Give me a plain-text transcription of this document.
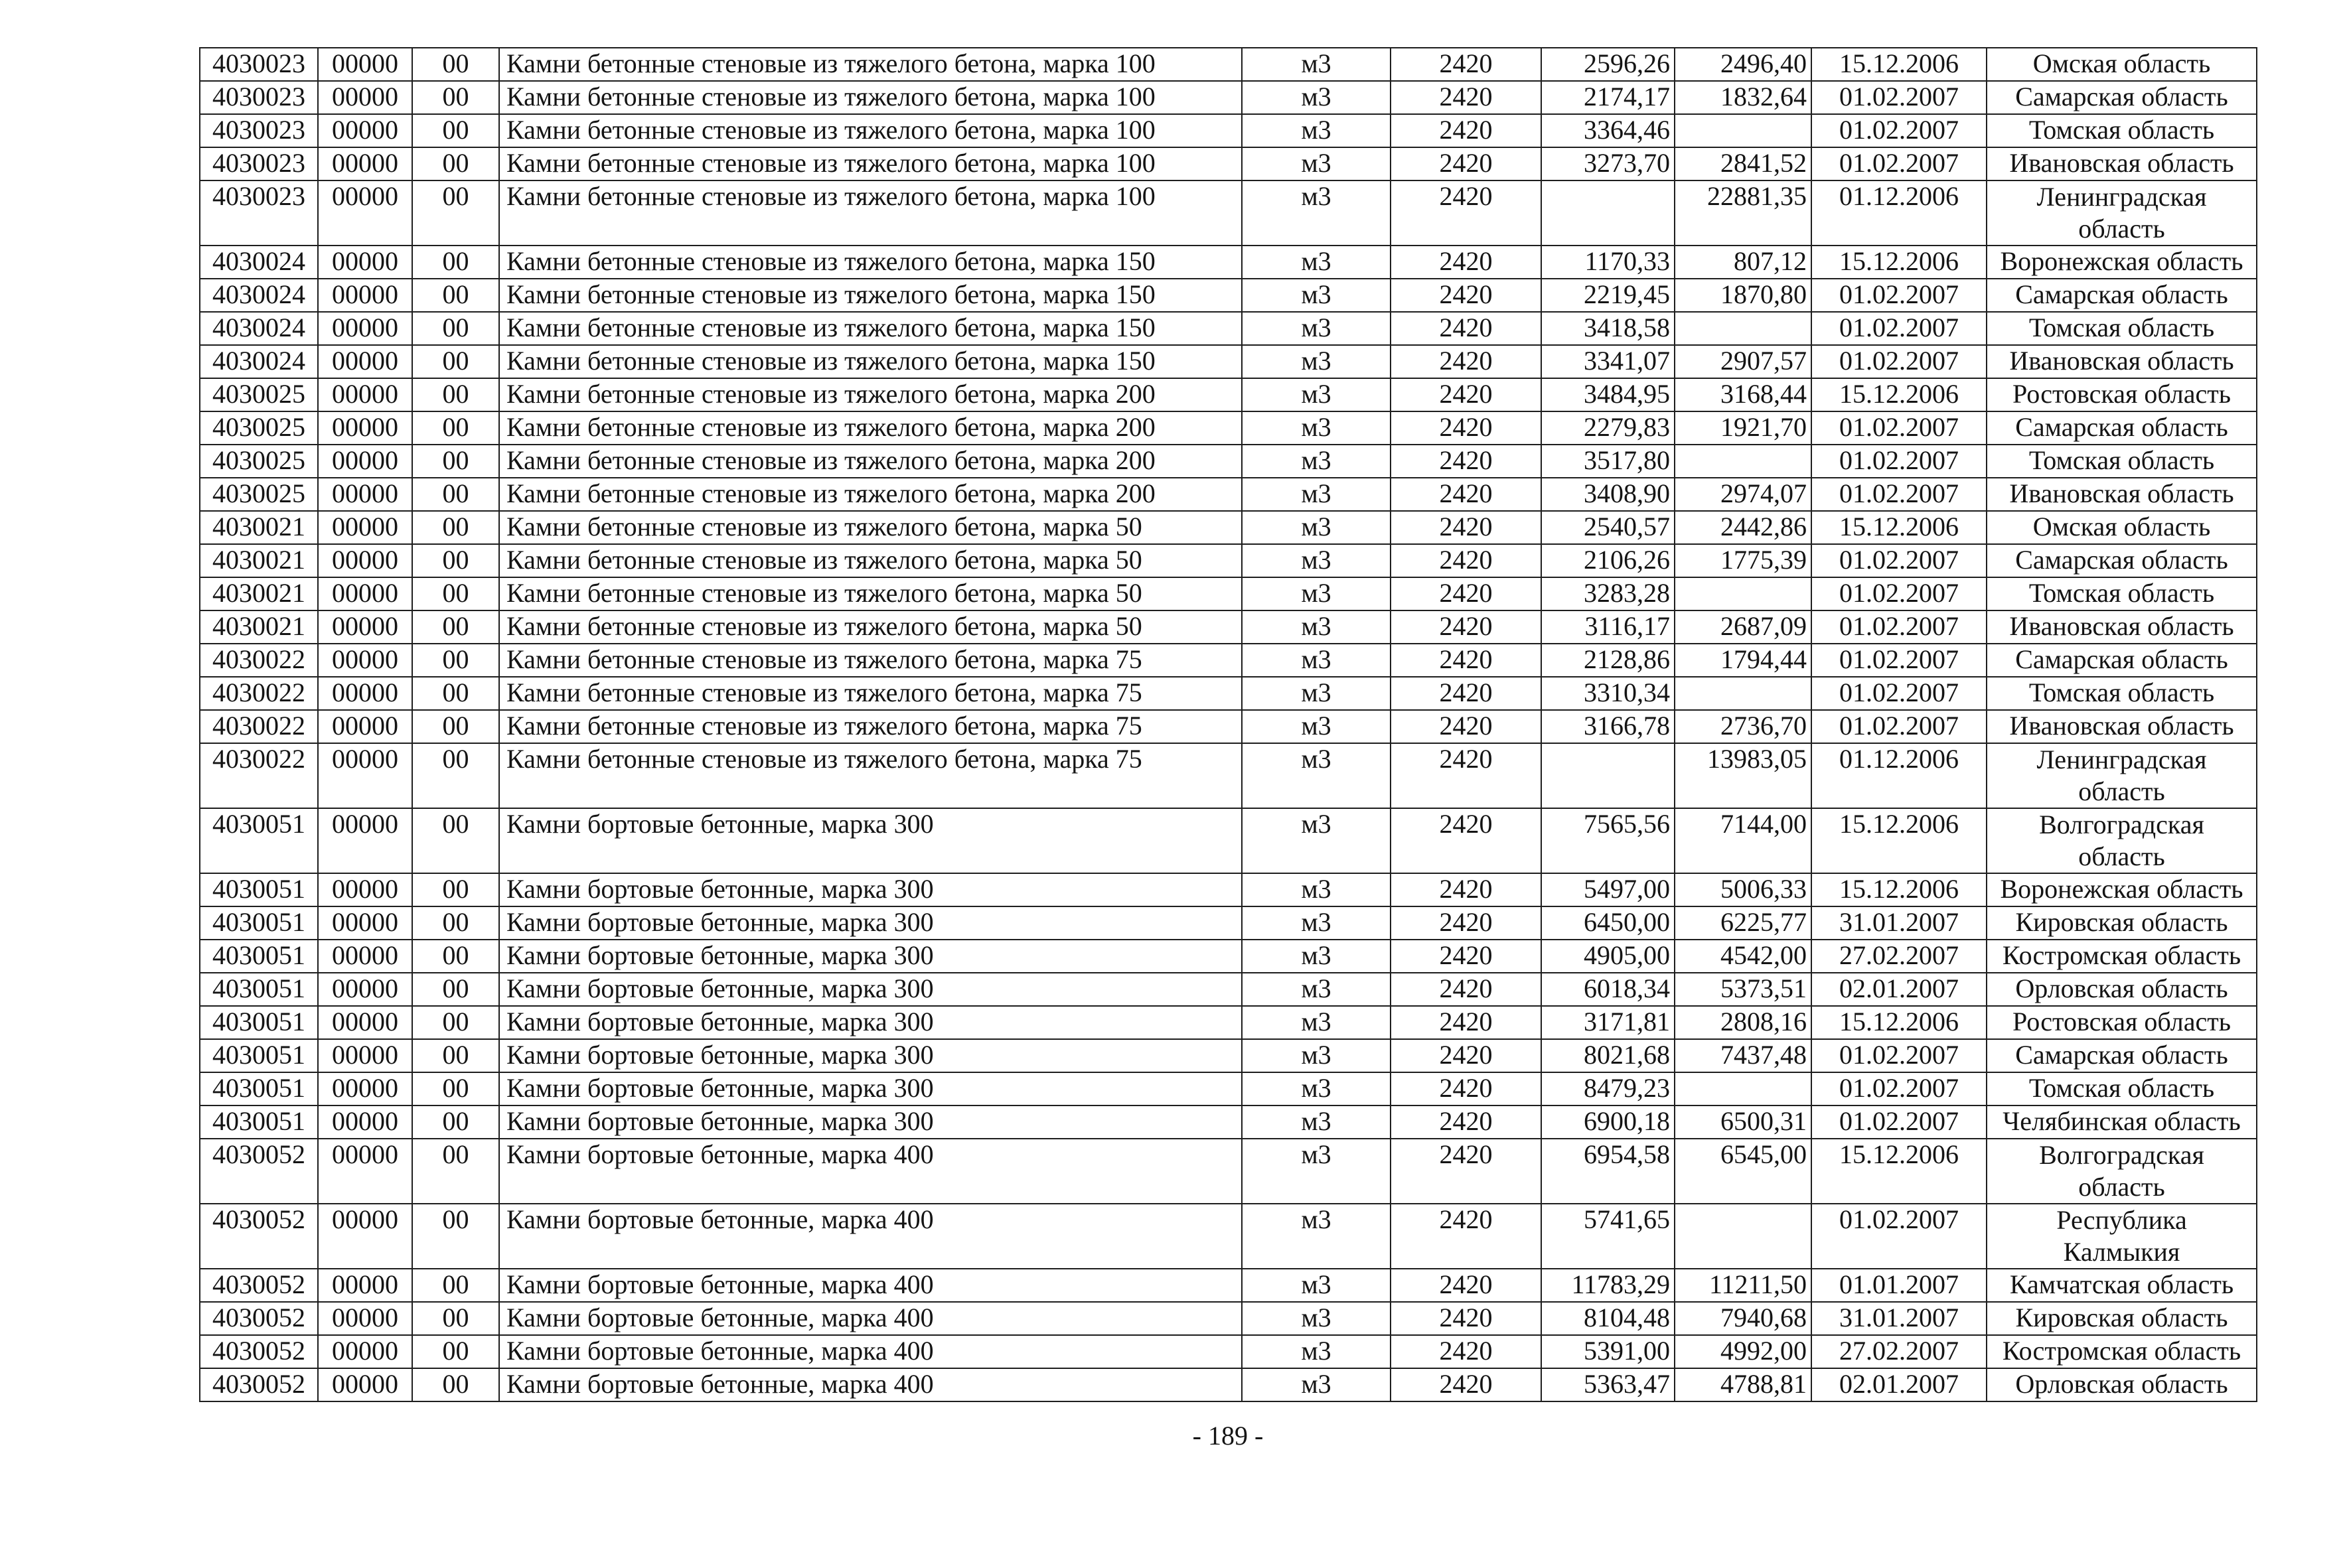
4030023	00000	00	Камни бетонные стеновые из тяжелого бетона, марка 100	м3	2420	2596,26	2496,40	15.12.2006	Омская область
4030023	00000	00	Камни бетонные стеновые из тяжелого бетона, марка 100	м3	2420	2174,17	1832,64	01.02.2007	Самарская область
4030023	00000	00	Камни бетонные стеновые из тяжелого бетона, марка 100	м3	2420	3364,46		01.02.2007	Томская область
4030023	00000	00	Камни бетонные стеновые из тяжелого бетона, марка 100	м3	2420	3273,70	2841,52	01.02.2007	Ивановская область
4030023	00000	00	Камни бетонные стеновые из тяжелого бетона, марка 100	м3	2420		22881,35	01.12.2006	Ленинградская область

4030024	00000	00	Камни бетонные стеновые из тяжелого бетона, марка 150	м3	2420	1170,33	807,12	15.12.2006	Воронежская область
4030024	00000	00	Камни бетонные стеновые из тяжелого бетона, марка 150	м3	2420	2219,45	1870,80	01.02.2007	Самарская область
4030024	00000	00	Камни бетонные стеновые из тяжелого бетона, марка 150	м3	2420	3418,58		01.02.2007	Томская область
4030024	00000	00	Камни бетонные стеновые из тяжелого бетона, марка 150	м3	2420	3341,07	2907,57	01.02.2007	Ивановская область
4030025	00000	00	Камни бетонные стеновые из тяжелого бетона, марка 200	м3	2420	3484,95	3168,44	15.12.2006	Ростовская область
4030025	00000	00	Камни бетонные стеновые из тяжелого бетона, марка 200	м3	2420	2279,83	1921,70	01.02.2007	Самарская область
4030025	00000	00	Камни бетонные стеновые из тяжелого бетона, марка 200	м3	2420	3517,80		01.02.2007	Томская область
4030025	00000	00	Камни бетонные стеновые из тяжелого бетона, марка 200	м3	2420	3408,90	2974,07	01.02.2007	Ивановская область
4030021	00000	00	Камни бетонные стеновые из тяжелого бетона, марка 50	м3	2420	2540,57	2442,86	15.12.2006	Омская область
4030021	00000	00	Камни бетонные стеновые из тяжелого бетона, марка 50	м3	2420	2106,26	1775,39	01.02.2007	Самарская область
4030021	00000	00	Камни бетонные стеновые из тяжелого бетона, марка 50	м3	2420	3283,28		01.02.2007	Томская область
4030021	00000	00	Камни бетонные стеновые из тяжелого бетона, марка 50	м3	2420	3116,17	2687,09	01.02.2007	Ивановская область
4030022	00000	00	Камни бетонные стеновые из тяжелого бетона, марка 75	м3	2420	2128,86	1794,44	01.02.2007	Самарская область
4030022	00000	00	Камни бетонные стеновые из тяжелого бетона, марка 75	м3	2420	3310,34		01.02.2007	Томская область
4030022	00000	00	Камни бетонные стеновые из тяжелого бетона, марка 75	м3	2420	3166,78	2736,70	01.02.2007	Ивановская область
4030022	00000	00	Камни бетонные стеновые из тяжелого бетона, марка 75	м3	2420		13983,05	01.12.2006	Ленинградская область

4030051	00000	00	Камни бортовые бетонные, марка 300	м3	2420	7565,56	7144,00	15.12.2006	Волгоградская область

4030051	00000	00	Камни бортовые бетонные, марка 300	м3	2420	5497,00	5006,33	15.12.2006	Воронежская область
4030051	00000	00	Камни бортовые бетонные, марка 300	м3	2420	6450,00	6225,77	31.01.2007	Кировская область
4030051	00000	00	Камни бортовые бетонные, марка 300	м3	2420	4905,00	4542,00	27.02.2007	Костромская область
4030051	00000	00	Камни бортовые бетонные, марка 300	м3	2420	6018,34	5373,51	02.01.2007	Орловская область
4030051	00000	00	Камни бортовые бетонные, марка 300	м3	2420	3171,81	2808,16	15.12.2006	Ростовская область
4030051	00000	00	Камни бортовые бетонные, марка 300	м3	2420	8021,68	7437,48	01.02.2007	Самарская область
4030051	00000	00	Камни бортовые бетонные, марка 300	м3	2420	8479,23		01.02.2007	Томская область
4030051	00000	00	Камни бортовые бетонные, марка 300	м3	2420	6900,18	6500,31	01.02.2007	Челябинская область
4030052	00000	00	Камни бортовые бетонные, марка 400	м3	2420	6954,58	6545,00	15.12.2006	Волгоградская область

4030052	00000	00	Камни бортовые бетонные, марка 400	м3	2420	5741,65		01.02.2007	Республика Калмыкия

4030052	00000	00	Камни бортовые бетонные, марка 400	м3	2420	11783,29	11211,50	01.01.2007	Камчатская область
4030052	00000	00	Камни бортовые бетонные, марка 400	м3	2420	8104,48	7940,68	31.01.2007	Кировская область
4030052	00000	00	Камни бортовые бетонные, марка 400	м3	2420	5391,00	4992,00	27.02.2007	Костромская область
4030052	00000	00	Камни бортовые бетонные, марка 400	м3	2420	5363,47	4788,81	02.01.2007	Орловская область
- 189 -
